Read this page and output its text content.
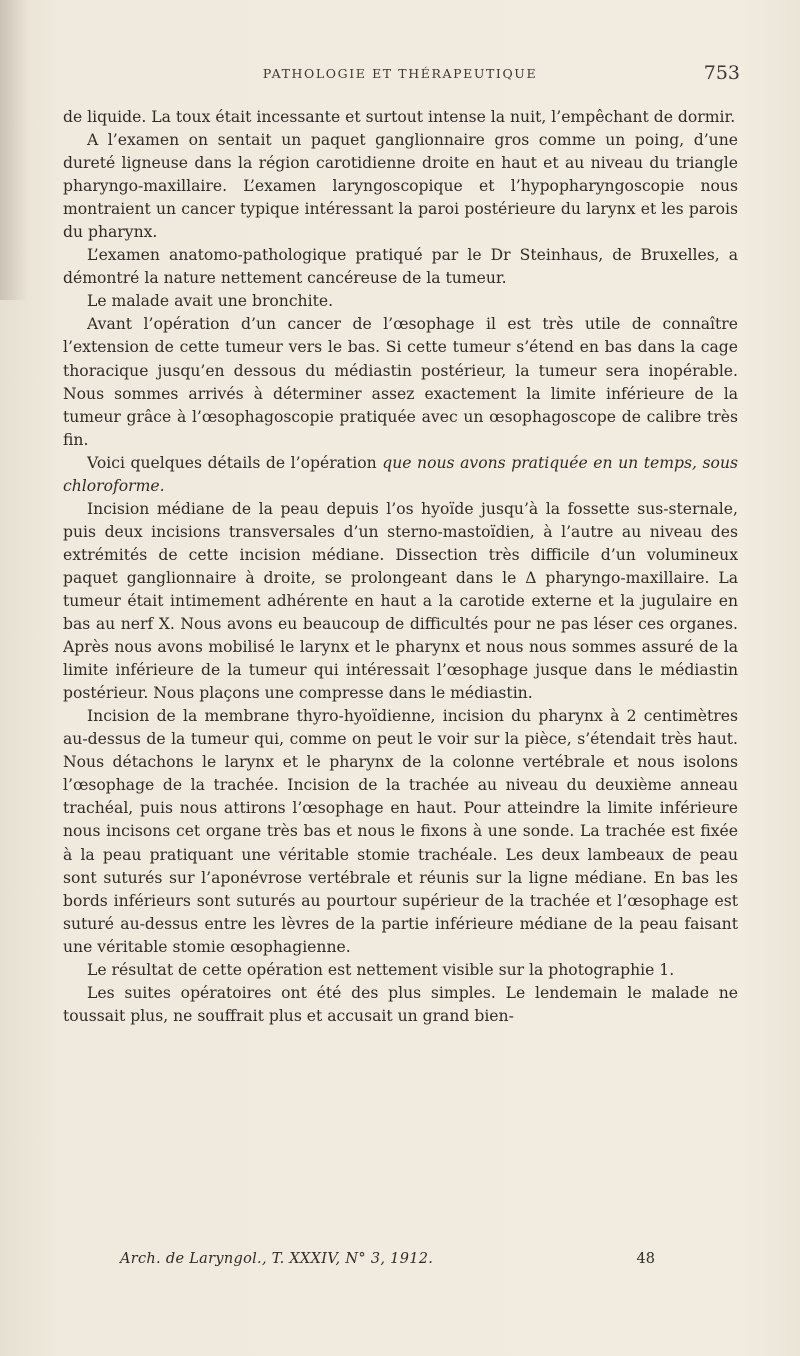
PATHOLOGIE ET THÉRAPEUTIQUE	753

de liquide. La toux était incessante et surtout intense la nuit, l’empêchant de dormir.

A l’examen on sentait un paquet ganglionnaire gros comme un poing, d’une dureté ligneuse dans la région carotidienne droite en haut et au niveau du triangle pharyngo-maxillaire. L’examen laryngoscopique et l’hypopharyngoscopie nous montraient un cancer typique intéressant la paroi postérieure du larynx et les parois du pharynx.

L’examen anatomo-pathologique pratiqué par le Dr Steinhaus, de Bruxelles, a démontré la nature nettement cancéreuse de la tumeur.

Le malade avait une bronchite.

Avant l’opération d’un cancer de l’œsophage il est très utile de connaître l’extension de cette tumeur vers le bas. Si cette tumeur s’étend en bas dans la cage thoracique jusqu’en dessous du médiastin postérieur, la tumeur sera inopérable. Nous sommes arrivés à déterminer assez exactement la limite inférieure de la tumeur grâce à l’œsophagoscopie pratiquée avec un œsophagoscope de calibre très fin.

Voici quelques détails de l’opération que nous avons pratiquée en un temps, sous chloroforme.

Incision médiane de la peau depuis l’os hyoïde jusqu’à la fossette sus-sternale, puis deux incisions transversales d’un sterno-mastoïdien, à l’autre au niveau des extrémités de cette incision médiane. Dissection très difficile d’un volumineux paquet ganglionnaire à droite, se prolongeant dans le Δ pharyngo-maxillaire. La tumeur était intimement adhérente en haut a la carotide externe et la jugulaire en bas au nerf X. Nous avons eu beaucoup de difficultés pour ne pas léser ces organes. Après nous avons mobilisé le larynx et le pharynx et nous nous sommes assuré de la limite inférieure de la tumeur qui intéressait l’œsophage jusque dans le médiastin postérieur. Nous plaçons une compresse dans le médiastin.

Incision de la membrane thyro-hyoïdienne, incision du pharynx à 2 centimètres au-dessus de la tumeur qui, comme on peut le voir sur la pièce, s’étendait très haut. Nous détachons le larynx et le pharynx de la colonne vertébrale et nous isolons l’œsophage de la trachée. Incision de la trachée au niveau du deuxième anneau trachéal, puis nous attirons l’œsophage en haut. Pour atteindre la limite inférieure nous incisons cet organe très bas et nous le fixons à une sonde. La trachée est fixée à la peau pratiquant une véritable stomie trachéale. Les deux lambeaux de peau sont suturés sur l’aponévrose vertébrale et réunis sur la ligne médiane. En bas les bords inférieurs sont suturés au pourtour supérieur de la trachée et l’œsophage est suturé au-dessus entre les lèvres de la partie inférieure médiane de la peau faisant une véritable stomie œsophagienne.

Le résultat de cette opération est nettement visible sur la photographie 1.

Les suites opératoires ont été des plus simples. Le lendemain le malade ne toussait plus, ne souffrait plus et accusait un grand bien-

Arch. de Laryngol., T. XXXIV, N° 3, 1912.	48
